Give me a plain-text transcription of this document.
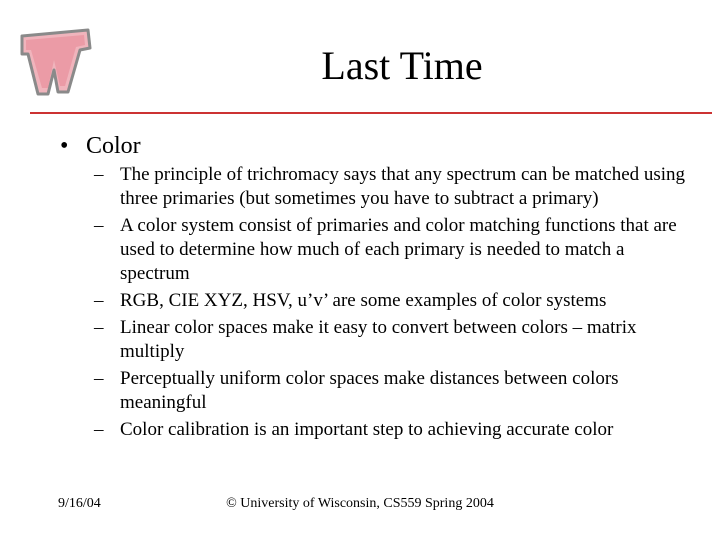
Last Time
• Color
– The principle of trichromacy says that any spectrum can be matched using three primaries (but sometimes you have to subtract a primary)
– A color system consist of primaries and color matching functions that are used to determine how much of each primary is needed to match a spectrum
– RGB, CIE XYZ, HSV, u’v’ are some examples of color systems
– Linear color spaces make it easy to convert between colors – matrix multiply
– Perceptually uniform color spaces make distances between colors meaningful
– Color calibration is an important step to achieving accurate color
9/16/04	© University of Wisconsin, CS559 Spring 2004
